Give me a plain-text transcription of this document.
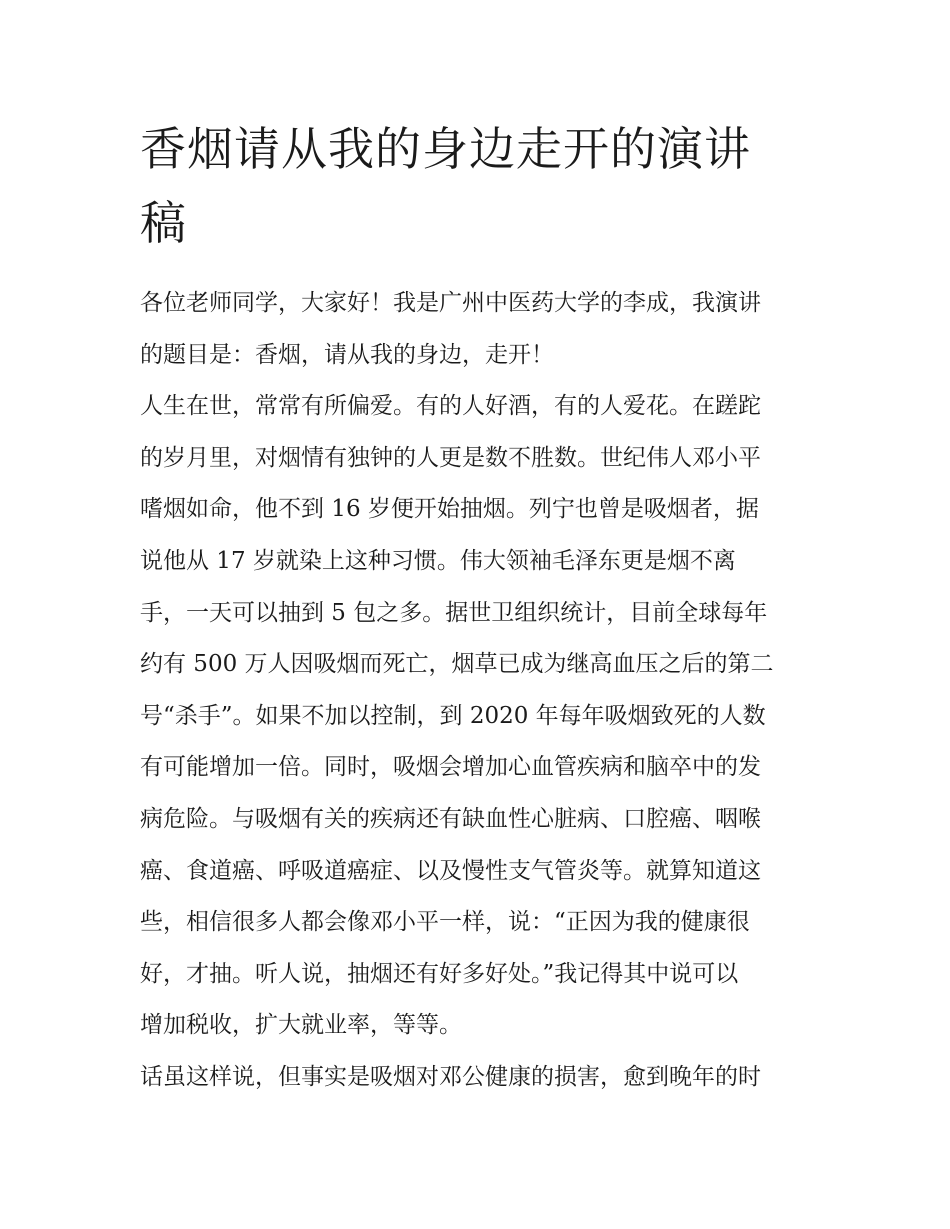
香烟请从我的身边走开的演讲
稿
各位老师同学，大家好！我是广州中医药大学的李成，我演讲
的题目是：香烟，请从我的身边，走开！
人生在世，常常有所偏爱。有的人好酒，有的人爱花。在蹉跎
的岁月里，对烟情有独钟的人更是数不胜数。世纪伟人邓小平
嗜烟如命，他不到 16 岁便开始抽烟。列宁也曾是吸烟者，据
说他从 17 岁就染上这种习惯。伟大领袖毛泽东更是烟不离
手，一天可以抽到 5 包之多。据世卫组织统计，目前全球每年
约有 500 万人因吸烟而死亡，烟草已成为继高血压之后的第二
号“杀手”。如果不加以控制，到 2020 年每年吸烟致死的人数
有可能增加一倍。同时，吸烟会增加心血管疾病和脑卒中的发
病危险。与吸烟有关的疾病还有缺血性心脏病、口腔癌、咽喉
癌、食道癌、呼吸道癌症、以及慢性支气管炎等。就算知道这
些，相信很多人都会像邓小平一样，说：“正因为我的健康很
好，才抽。听人说，抽烟还有好多好处。”我记得其中说可以
增加税收，扩大就业率，等等。
话虽这样说，但事实是吸烟对邓公健康的损害，愈到晚年的时
